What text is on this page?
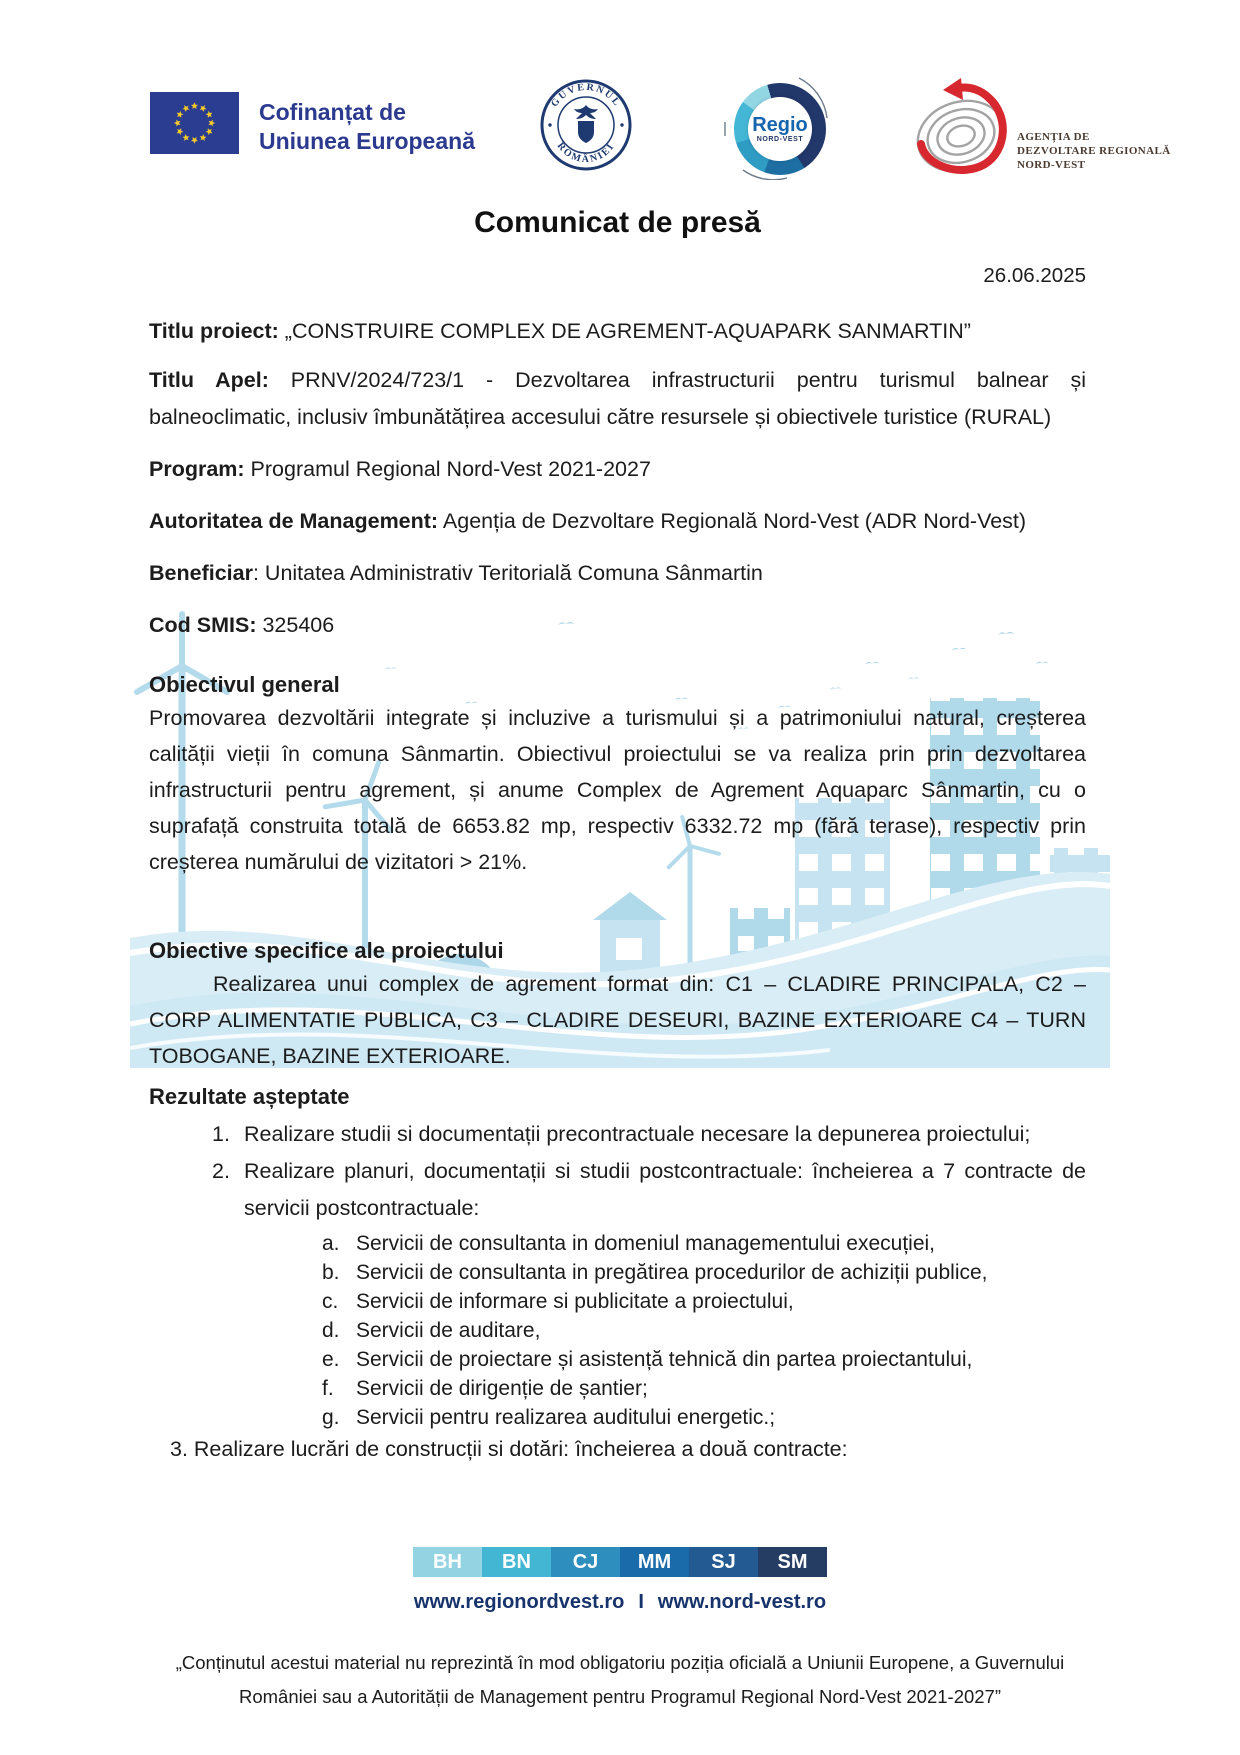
Cofinanțat de
Uniunea Europeană
GUVERNUL
ROMÂNIEI
Regio
NORD-VEST	AGENȚIA DE
DEZVOLTARE REGIONALĂ
NORD-VEST
Comunicat de presă
26.06.2025

Titlu proiect: „CONSTRUIRE COMPLEX DE AGREMENT-AQUAPARK SANMARTIN”

Titlu Apel: PRNV/2024/723/1 - Dezvoltarea infrastructurii pentru turismul balnear și balneoclimatic, inclusiv îmbunătățirea accesului către resursele și obiectivele turistice (RURAL)

Program: Programul Regional Nord-Vest 2021-2027

Autoritatea de Management: Agenția de Dezvoltare Regională Nord-Vest (ADR Nord-Vest)

Beneficiar: Unitatea Administrativ Teritorială Comuna Sânmartin

Cod SMIS: 325406

Obiectivul general

Promovarea dezvoltării integrate și incluzive a turismului și a patrimoniului natural, creșterea calității vieții în comuna Sânmartin. Obiectivul proiectului se va realiza prin prin dezvoltarea infrastructurii pentru agrement, și anume Complex de Agrement Aquaparc Sânmartin, cu o suprafață construita totală de 6653.82 mp, respectiv 6332.72 mp (fără terase), respectiv prin creșterea numărului de vizitatori > 21%.

Obiective specifice ale proiectului

Realizarea unui complex de agrement format din: C1 – CLADIRE PRINCIPALA, C2 – CORP ALIMENTATIE PUBLICA, C3 – CLADIRE DESEURI, BAZINE EXTERIOARE C4 – TURN TOBOGANE, BAZINE EXTERIOARE.

Rezultate așteptate
1. Realizare studii si documentații precontractuale necesare la depunerea proiectului;
2. Realizare planuri, documentații si studii postcontractuale: încheierea a 7 contracte de servicii postcontractuale:
a. Servicii de consultanta in domeniul managementului execuției,
b. Servicii de consultanta in pregătirea procedurilor de achiziții publice,
c. Servicii de informare si publicitate a proiectului,
d. Servicii de auditare,
e. Servicii de proiectare și asistență tehnică din partea proiectantului,
f.	Servicii de dirigenție de șantier;
g. Servicii pentru realizarea auditului energetic.;

3. Realizare lucrări de construcții si dotări: încheierea a două contracte:

BH	BN	CJ	MM	SJ	SM
www.regionordvest.ro I www.nord-vest.ro
„Conținutul acestui material nu reprezintă în mod obligatoriu poziția oficială a Uniunii Europene, a Guvernului
României sau a Autorității de Management pentru Programul Regional Nord-Vest 2021-2027”
